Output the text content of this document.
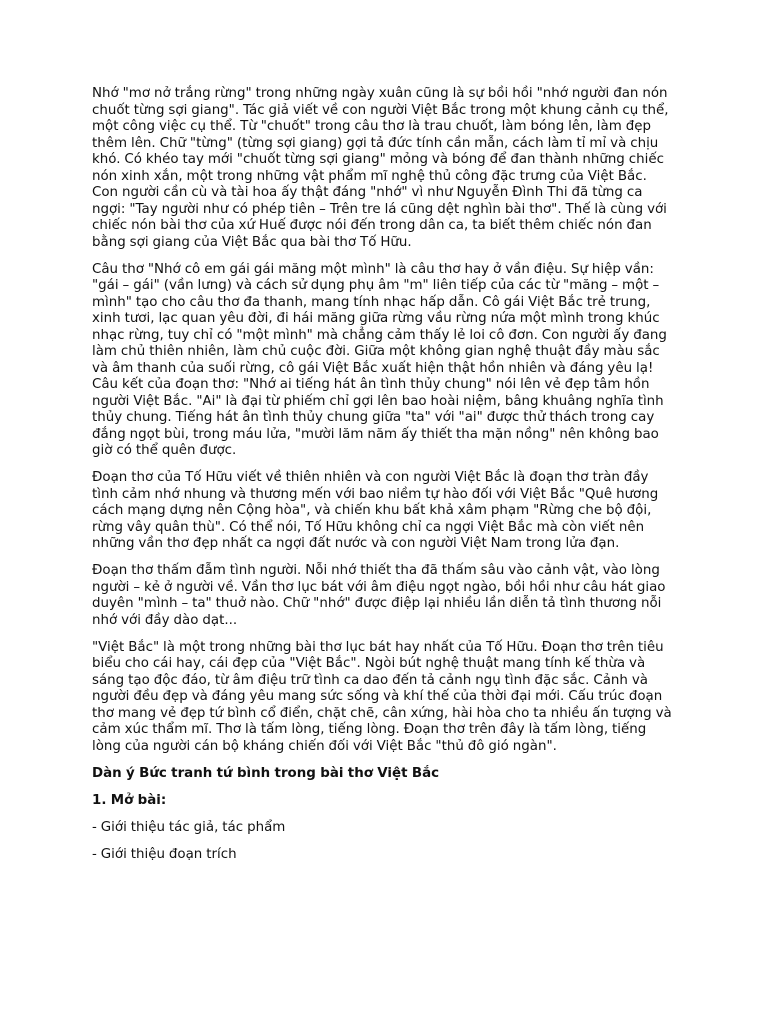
Nhớ "mơ nở trắng rừng" trong những ngày xuân cũng là sự bồi hồi "nhớ người đan nón chuốt từng sợi giang". Tác giả viết về con người Việt Bắc trong một khung cảnh cụ thể, một công việc cụ thể. Từ "chuốt" trong câu thơ là trau chuốt, làm bóng lên, làm đẹp thêm lên. Chữ "từng" (từng sợi giang) gợi tả đức tính cần mẫn, cách làm tỉ mỉ và chịu khó. Có khéo tay mới "chuốt từng sợi giang" mỏng và bóng để đan thành những chiếc nón xinh xắn, một trong những vật phẩm mĩ nghệ thủ công đặc trưng của Việt Bắc. Con người cần cù và tài hoa ấy thật đáng "nhớ" vì như Nguyễn Đình Thi đã từng ca ngợi: "Tay người như có phép tiên – Trên tre lá cũng dệt nghìn bài thơ". Thế là cùng với chiếc nón bài thơ của xứ Huế được nói đến trong dân ca, ta biết thêm chiếc nón đan bằng sợi giang của Việt Bắc qua bài thơ Tố Hữu.

Câu thơ "Nhớ cô em gái gái măng một mình" là câu thơ hay ở vần điệu. Sự hiệp vần: "gái – gái" (vần lưng) và cách sử dụng phụ âm "m" liên tiếp của các từ "măng – một – mình" tạo cho câu thơ đa thanh, mang tính nhạc hấp dẫn. Cô gái Việt Bắc trẻ trung, xinh tươi, lạc quan yêu đời, đi hái măng giữa rừng vầu rừng nứa một mình trong khúc nhạc rừng, tuy chỉ có "một mình" mà chẳng cảm thấy lẻ loi cô đơn. Con người ấy đang làm chủ thiên nhiên, làm chủ cuộc đời. Giữa một không gian nghệ thuật đầy màu sắc và âm thanh của suối rừng, cô gái Việt Bắc xuất hiện thật hồn nhiên và đáng yêu lạ! Câu kết của đoạn thơ: "Nhớ ai tiếng hát ân tình thủy chung" nói lên vẻ đẹp tâm hồn người Việt Bắc. "Ai" là đại từ phiếm chỉ gợi lên bao hoài niệm, bâng khuâng nghĩa tình thủy chung. Tiếng hát ân tình thủy chung giữa "ta" với "ai" được thử thách trong cay đắng ngọt bùi, trong máu lửa, "mười lăm năm ấy thiết tha mặn nồng" nên không bao giờ có thể quên được.

Đoạn thơ của Tố Hữu viết về thiên nhiên và con người Việt Bắc là đoạn thơ tràn đầy tình cảm nhớ nhung và thương mến với bao niềm tự hào đối với Việt Bắc "Quê hương cách mạng dựng nên Cộng hòa", và chiến khu bất khả xâm phạm "Rừng che bộ đội, rừng vây quân thù". Có thể nói, Tố Hữu không chỉ ca ngợi Việt Bắc mà còn viết nên những vần thơ đẹp nhất ca ngợi đất nước và con người Việt Nam trong lửa đạn.

Đoạn thơ thấm đẫm tình người. Nỗi nhớ thiết tha đã thấm sâu vào cảnh vật, vào lòng người – kẻ ở người về. Vần thơ lục bát với âm điệu ngọt ngào, bồi hồi như câu hát giao duyên "mình – ta" thuở nào. Chữ "nhớ" được điệp lại nhiều lần diễn tả tình thương nỗi nhớ với đầy dào dạt...

"Việt Bắc" là một trong những bài thơ lục bát hay nhất của Tố Hữu. Đoạn thơ trên tiêu biểu cho cái hay, cái đẹp của "Việt Bắc". Ngòi bút nghệ thuật mang tính kế thừa và sáng tạo độc đáo, từ âm điệu trữ tình ca dao đến tả cảnh ngụ tình đặc sắc. Cảnh và người đều đẹp và đáng yêu mang sức sống và khí thế của thời đại mới. Cấu trúc đoạn thơ mang vẻ đẹp tứ bình cổ điển, chặt chẽ, cân xứng, hài hòa cho ta nhiều ấn tượng và cảm xúc thẩm mĩ. Thơ là tấm lòng, tiếng lòng. Đoạn thơ trên đây là tấm lòng, tiếng lòng của người cán bộ kháng chiến đối với Việt Bắc "thủ đô gió ngàn".

Dàn ý Bức tranh tứ bình trong bài thơ Việt Bắc

1. Mở bài:

- Giới thiệu tác giả, tác phẩm

- Giới thiệu đoạn trích
